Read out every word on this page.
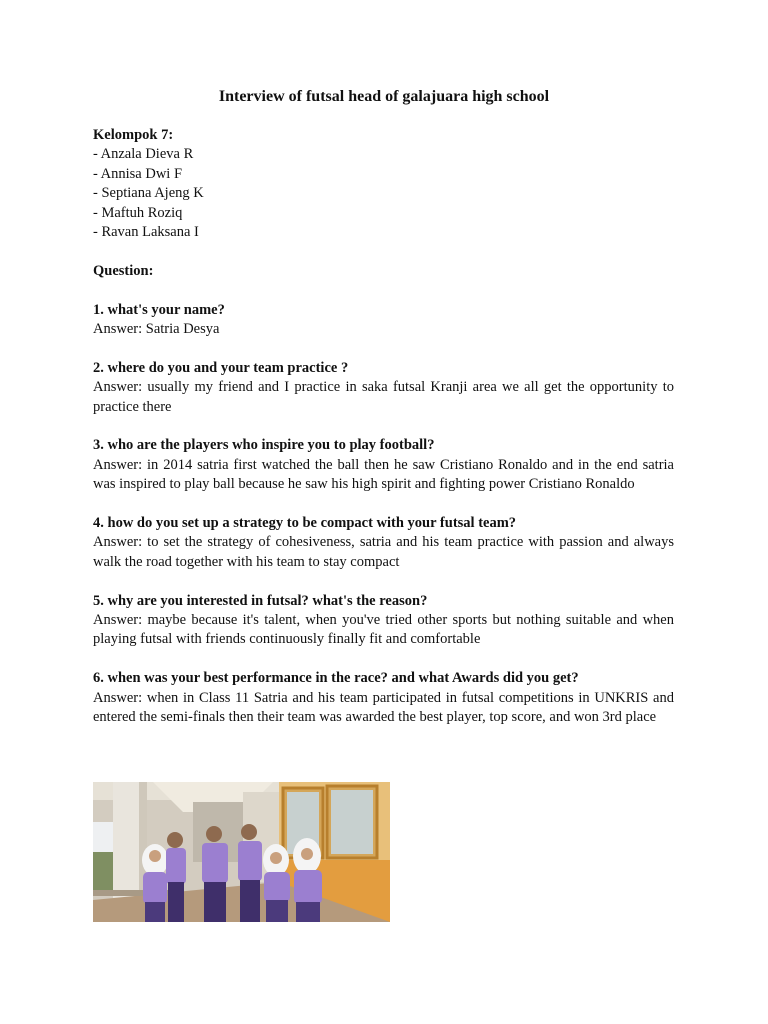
Interview of futsal head of galajuara high school

Kelompok 7:

- Anzala Dieva R

- Annisa Dwi F

- Septiana Ajeng K

- Maftuh Roziq

- Ravan Laksana I

Question:

1. what's your name?

Answer: Satria Desya

2. where do you and your team practice ?

Answer: usually my friend and I practice in saka futsal Kranji area we all get the opportunity to practice there

3. who are the players who inspire you to play football?

Answer: in 2014 satria first watched the ball then he saw Cristiano Ronaldo and in the end satria was inspired to play ball because he saw his high spirit and fighting power Cristiano Ronaldo

4. how do you set up a strategy to be compact with your futsal team?

Answer: to set the strategy of cohesiveness, satria and his team practice with passion and always walk the road together with his team to stay compact

5. why are you interested in futsal? what's the reason?

Answer: maybe because it's talent, when you've tried other sports but nothing suitable and when playing futsal with friends continuously finally fit and comfortable

6. when was your best performance in the race? and what Awards did you get?

Answer: when in Class 11 Satria and his team participated in futsal competitions in UNKRIS and entered the semi-finals then their team was awarded the best player, top score, and won 3rd place
